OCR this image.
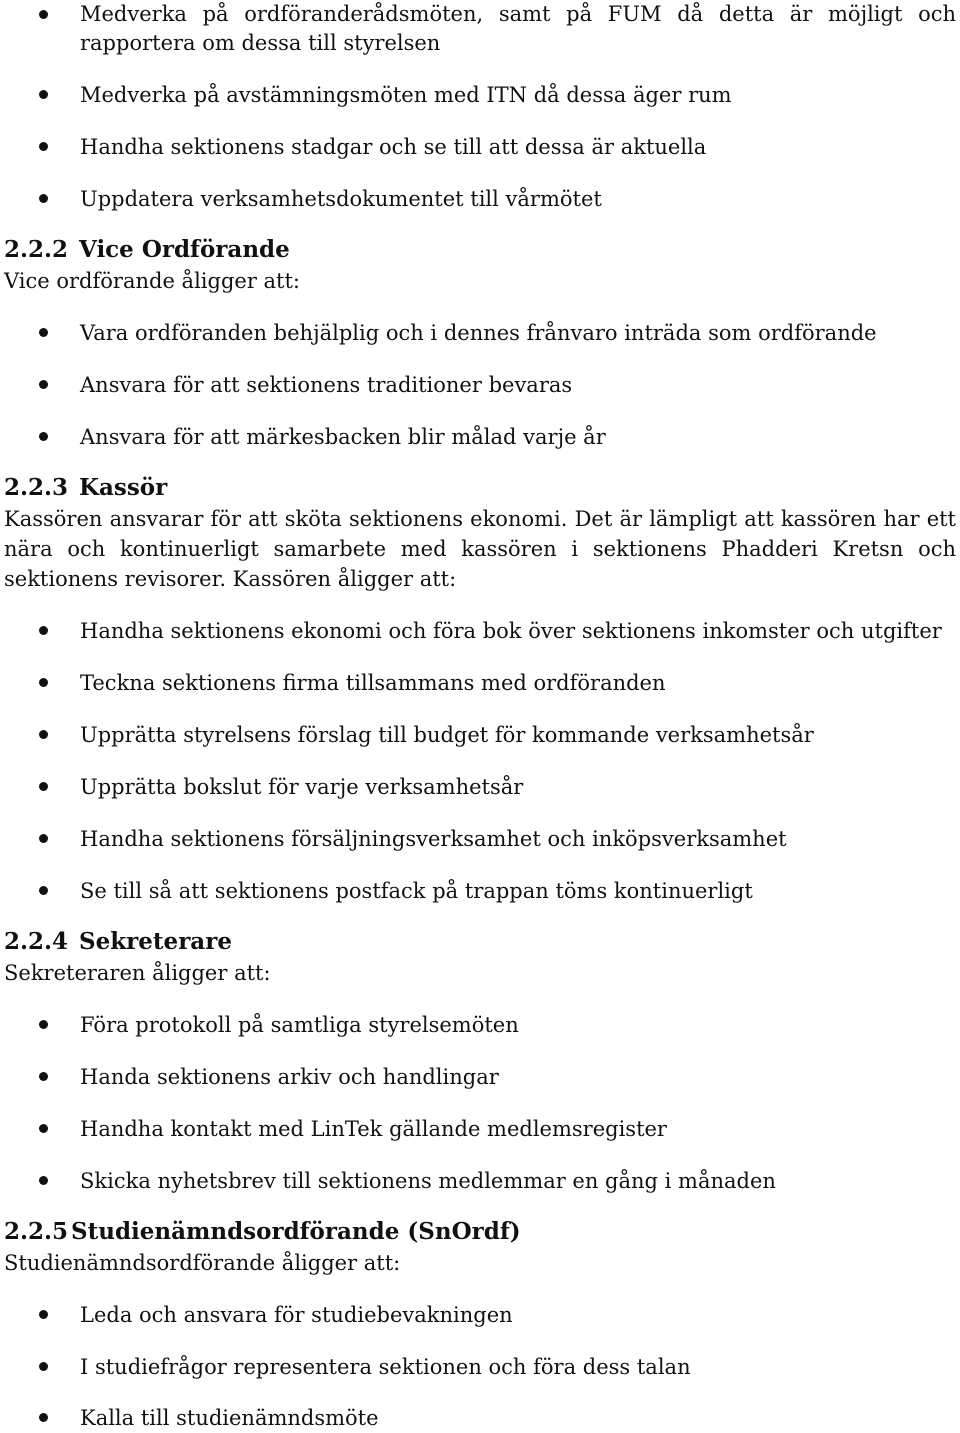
Medverka på ordföranderådsmöten, samt på FUM då detta är möjligt och rapportera om dessa till styrelsen
Medverka på avstämningsmöten med ITN då dessa äger rum
Handha sektionens stadgar och se till att dessa är aktuella
Uppdatera verksamhetsdokumentet till vårmötet
2.2.2 Vice Ordförande
Vice ordförande åligger att:
Vara ordföranden behjälplig och i dennes frånvaro inträda som ordförande
Ansvara för att sektionens traditioner bevaras
Ansvara för att märkesbacken blir målad varje år
2.2.3 Kassör
Kassören ansvarar för att sköta sektionens ekonomi. Det är lämpligt att kassören har ett nära och kontinuerligt samarbete med kassören i sektionens Phadderi Kretsn och sektionens revisorer. Kassören åligger att:
Handha sektionens ekonomi och föra bok över sektionens inkomster och utgifter
Teckna sektionens firma tillsammans med ordföranden
Upprätta styrelsens förslag till budget för kommande verksamhetsår
Upprätta bokslut för varje verksamhetsår
Handha sektionens försäljningsverksamhet och inköpsverksamhet
Se till så att sektionens postfack på trappan töms kontinuerligt
2.2.4 Sekreterare
Sekreteraren åligger att:
Föra protokoll på samtliga styrelsemöten
Handa sektionens arkiv och handlingar
Handha kontakt med LinTek gällande medlemsregister
Skicka nyhetsbrev till sektionens medlemmar en gång i månaden
2.2.5 Studienämndsordförande (SnOrdf)
Studienämndsordförande åligger att:
Leda och ansvara för studiebevakningen
I studiefrågor representera sektionen och föra dess talan
Kalla till studienämndsmöte
